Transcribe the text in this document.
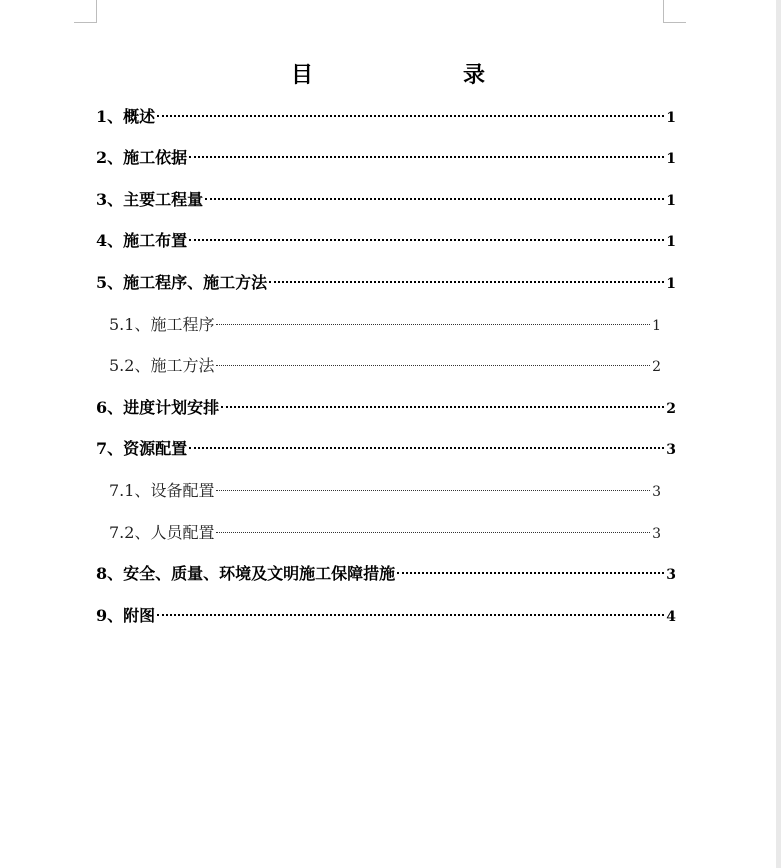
目　录
1、概述	1
2、施工依据	1
3、主要工程量	1
4、施工布置	1
5、施工程序、施工方法	1
5.1、施工程序	1
5.2、施工方法	2
6、进度计划安排	2
7、资源配置	3
7.1、设备配置	3
7.2、人员配置	3
8、安全、质量、环境及文明施工保障措施	3
9、附图	4
